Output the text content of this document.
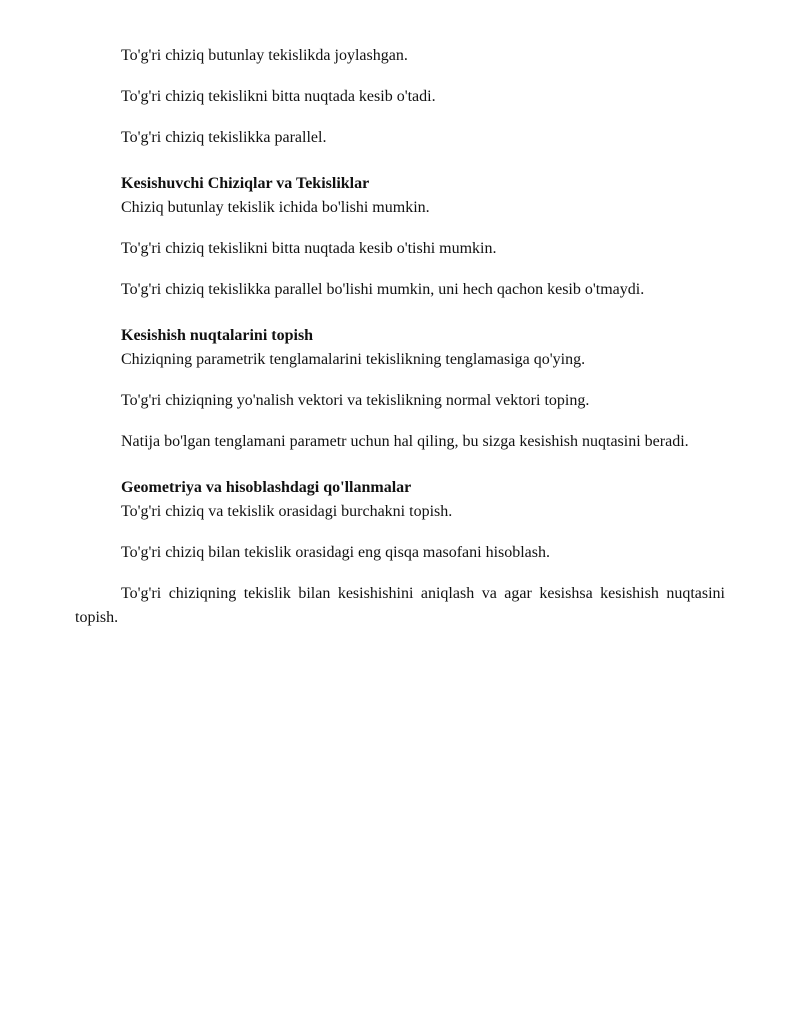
To'g'ri chiziq butunlay tekislikda joylashgan.

To'g'ri chiziq tekislikni bitta nuqtada kesib o'tadi.

To'g'ri chiziq tekislikka parallel.

Kesishuvchi Chiziqlar va Tekisliklar

Chiziq butunlay tekislik ichida bo'lishi mumkin.

To'g'ri chiziq tekislikni bitta nuqtada kesib o'tishi mumkin.

To'g'ri chiziq tekislikka parallel bo'lishi mumkin, uni hech qachon kesib o'tmaydi.

Kesishish nuqtalarini topish

Chiziqning parametrik tenglamalarini tekislikning tenglamasiga qo'ying.

To'g'ri chiziqning yo'nalish vektori va tekislikning normal vektori toping.

Natija bo'lgan tenglamani parametr uchun hal qiling, bu sizga kesishish nuqtasini beradi.

Geometriya va hisoblashdagi qo'llanmalar

To'g'ri chiziq va tekislik orasidagi burchakni topish.

To'g'ri chiziq bilan tekislik orasidagi eng qisqa masofani hisoblash.

To'g'ri chiziqning tekislik bilan kesishishini aniqlash va agar kesishsa kesishish nuqtasini topish.
